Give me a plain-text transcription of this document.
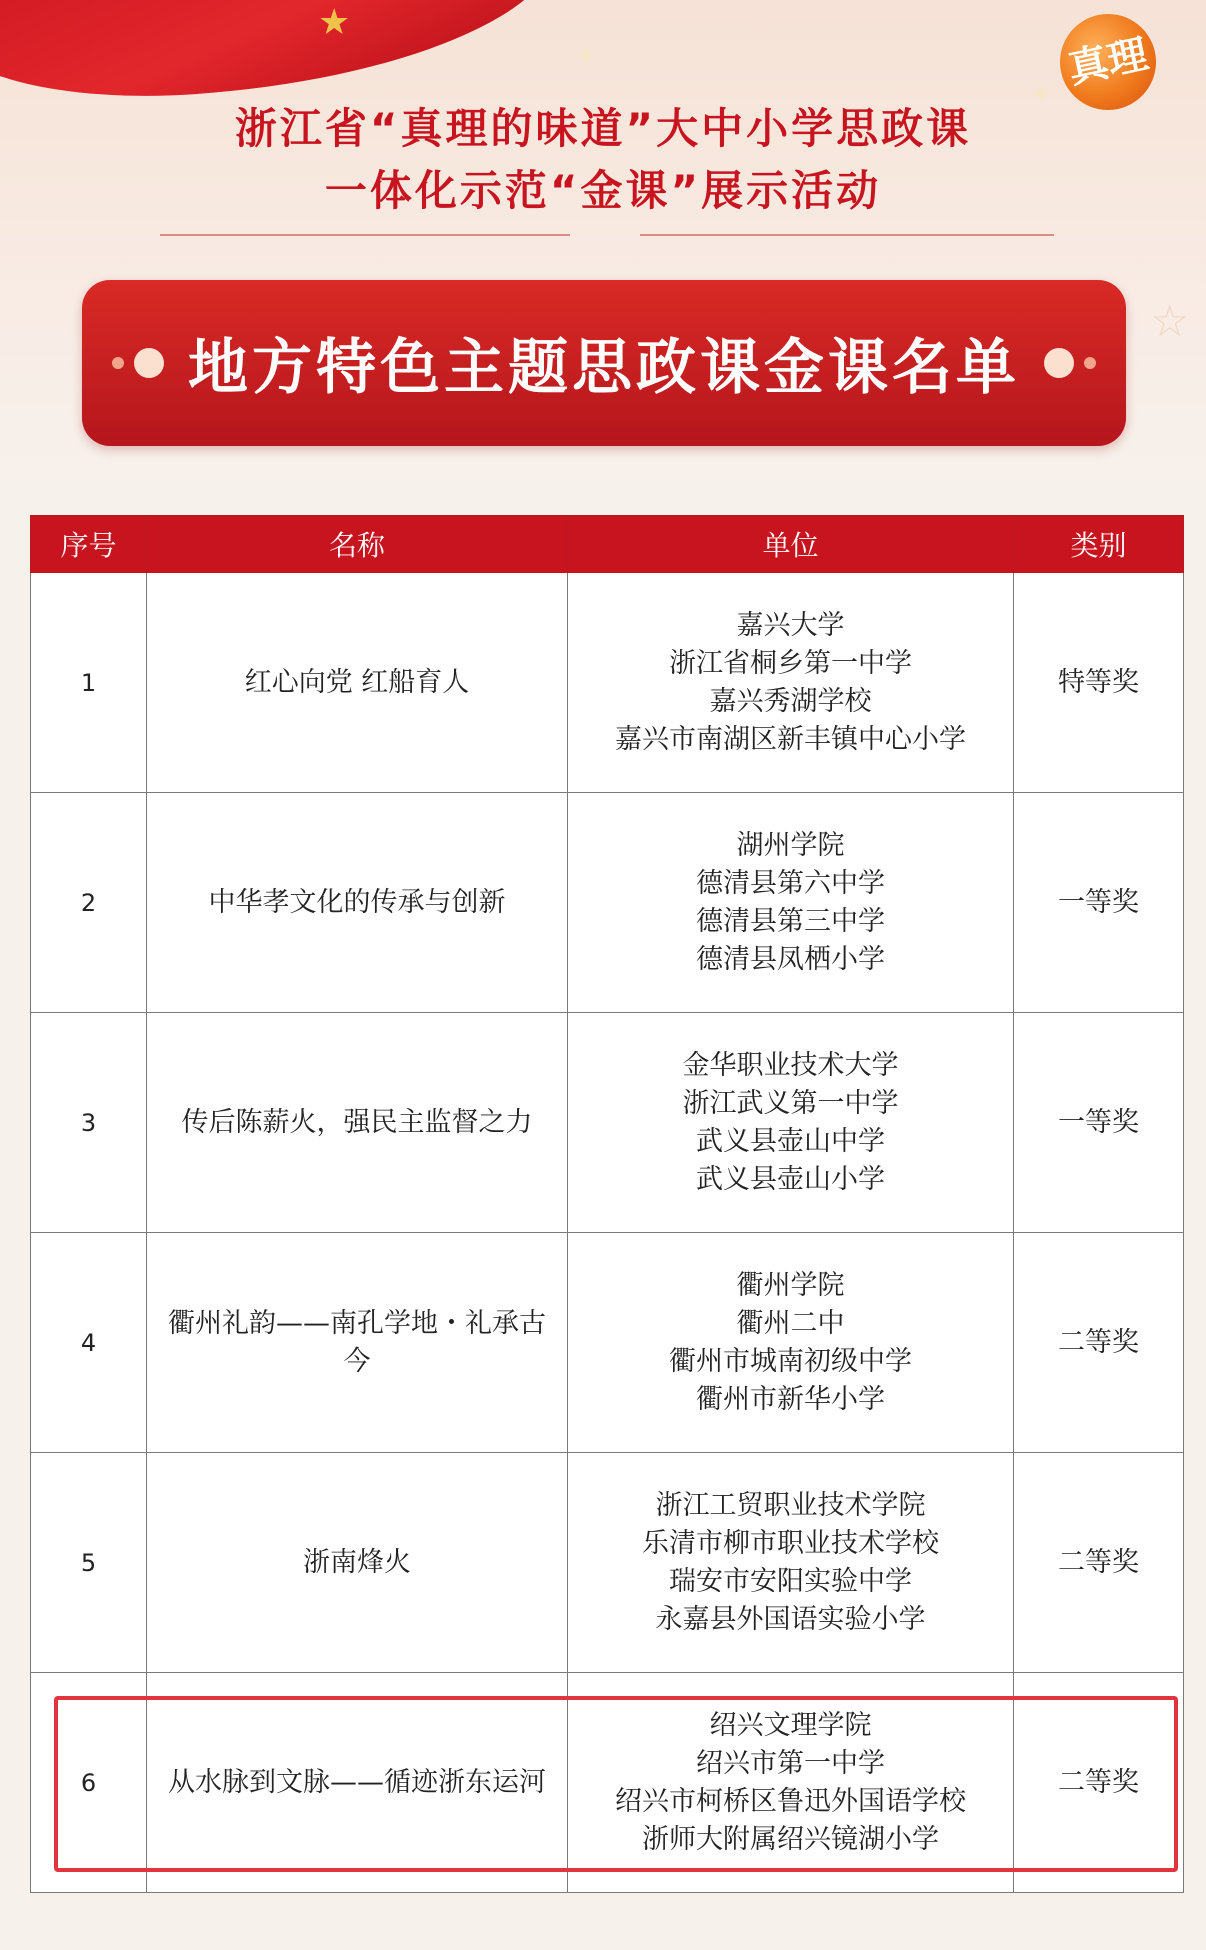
★
✦
✦
☆
真理
浙江省“真理的味道”大中小学思政课
一体化示范“金课”展示活动
地方特色主题思政课金课名单
序号	名称	单位	类别
1	红心向党 红船育人	嘉兴大学
浙江省桐乡第一中学
嘉兴秀湖学校
嘉兴市南湖区新丰镇中心小学	特等奖
2	中华孝文化的传承与创新	湖州学院
德清县第六中学
德清县第三中学
德清县凤栖小学	一等奖
3	传后陈薪火，强民主监督之力	金华职业技术大学
浙江武义第一中学
武义县壶山中学
武义县壶山小学	一等奖
4	衢州礼韵——南孔学地・礼承古今	衢州学院
衢州二中
衢州市城南初级中学
衢州市新华小学	二等奖
5	浙南烽火	浙江工贸职业技术学院
乐清市柳市职业技术学校
瑞安市安阳实验中学
永嘉县外国语实验小学	二等奖
6	从水脉到文脉——循迹浙东运河	绍兴文理学院
绍兴市第一中学
绍兴市柯桥区鲁迅外国语学校
浙师大附属绍兴镜湖小学	二等奖
